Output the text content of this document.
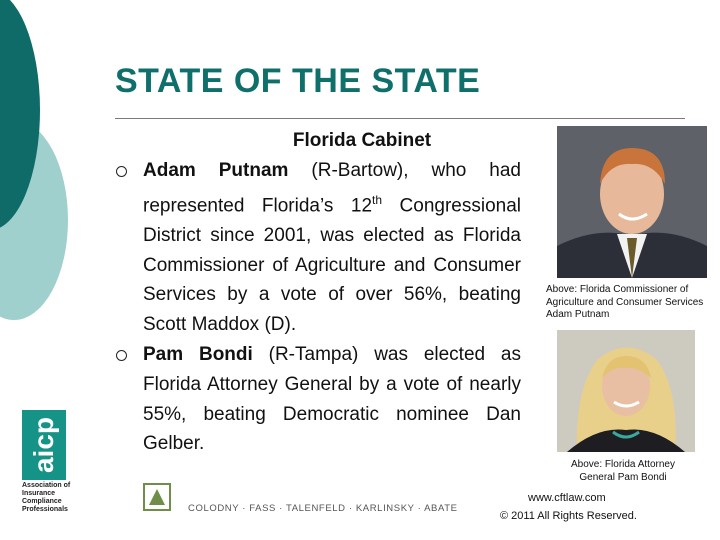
STATE OF THE STATE
Florida Cabinet
Adam Putnam (R-Bartow), who had represented Florida’s 12th Congressional District since 2001, was elected as Florida Commissioner of Agriculture and Consumer Services by a vote of over 56%, beating Scott Maddox (D).
Pam Bondi (R-Tampa) was elected as Florida Attorney General by a vote of nearly 55%, beating Democratic nominee Dan Gelber.
Above: Florida Commissioner of Agriculture and Consumer Services Adam Putnam
Above: Florida Attorney General Pam Bondi
aicp
Association of Insurance Compliance Professionals	COLODNY · FASS · TALENFELD · KARLINSKY · ABATE
www.cftlaw.com
© 2011 All Rights Reserved.
